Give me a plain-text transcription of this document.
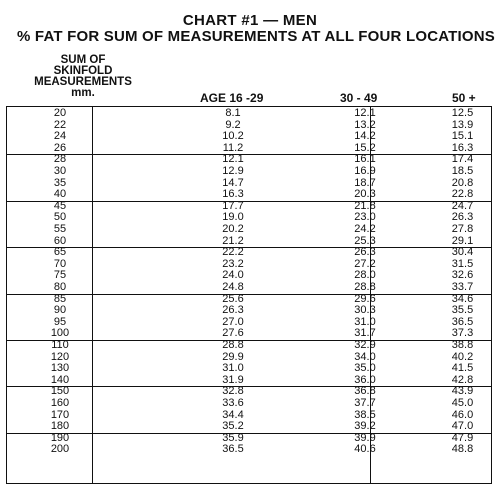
CHART #1 — MEN
% FAT FOR SUM OF MEASUREMENTS AT ALL FOUR LOCATIONS
SUM OF
SKINFOLD
MEASUREMENTS
mm.	AGE 16 -29	30 - 49	50 +
20	8.1	12.1	12.5
22	9.2	13.2	13.9
24	10.2	14.2	15.1
26	11.2	15.2	16.3
28	12.1	16.1	17.4
30	12.9	16.9	18.5
35	14.7	18.7	20.8
40	16.3	20.3	22.8
45	17.7	21.8	24.7
50	19.0	23.0	26.3
55	20.2	24.2	27.8
60	21.2	25.3	29.1
65	22.2	26.3	30.4
70	23.2	27.2	31.5
75	24.0	28.0	32.6
80	24.8	28.8	33.7
85	25.6	29.6	34.6
90	26.3	30.3	35.5
95	27.0	31.0	36.5
100	27.6	31.7	37.3
110	28.8	32.9	38.8
120	29.9	34.0	40.2
130	31.0	35.0	41.5
140	31.9	36.0	42.8
150	32.8	36.8	43.9
160	33.6	37.7	45.0
170	34.4	38.5	46.0
180	35.2	39.2	47.0
190	35.9	39.9	47.9
200	36.5	40.6	48.8
